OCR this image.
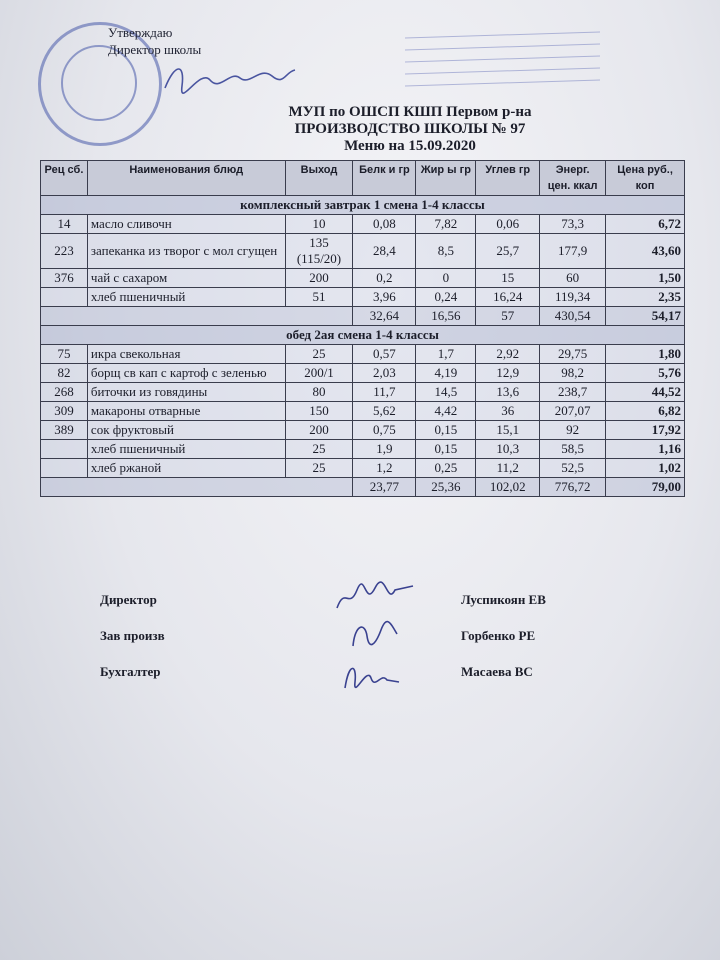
Утверждаю
Директор школы
МУП по ОШСП КШП Первом р-на
ПРОИЗВОДСТВО ШКОЛЫ № 97
Меню на 15.09.2020
Рец сб.	Наименования блюд	Выход	Белк и гр	Жир ы гр	Углев гр	Энерг. цен. ккал	Цена руб., коп
комплексный завтрак 1 смена 1-4 классы							
14	масло сливочн	10	0,08	7,82	0,06	73,3	6,72
223	запеканка из творог с мол сгущен	135 (115/20)	28,4	8,5	25,7	177,9	43,60
376	чай с сахаром	200	0,2	0	15	60	1,50
	хлеб пшеничный	51	3,96	0,24	16,24	119,34	2,35
			32,64	16,56	57	430,54	54,17
обед 2ая смена 1-4 классы							
75	икра свекольная	25	0,57	1,7	2,92	29,75	1,80
82	борщ св кап с картоф с зеленью	200/1	2,03	4,19	12,9	98,2	5,76
268	биточки из говядины	80	11,7	14,5	13,6	238,7	44,52
309	макароны отварные	150	5,62	4,42	36	207,07	6,82
389	сок фруктовый	200	0,75	0,15	15,1	92	17,92
	хлеб пшеничный	25	1,9	0,15	10,3	58,5	1,16
	хлеб ржаной	25	1,2	0,25	11,2	52,5	1,02
			23,77	25,36	102,02	776,72	79,00
Директор	Луспикоян ЕВ
Зав произв	Горбенко РЕ
Бухгалтер	Масаева ВС
